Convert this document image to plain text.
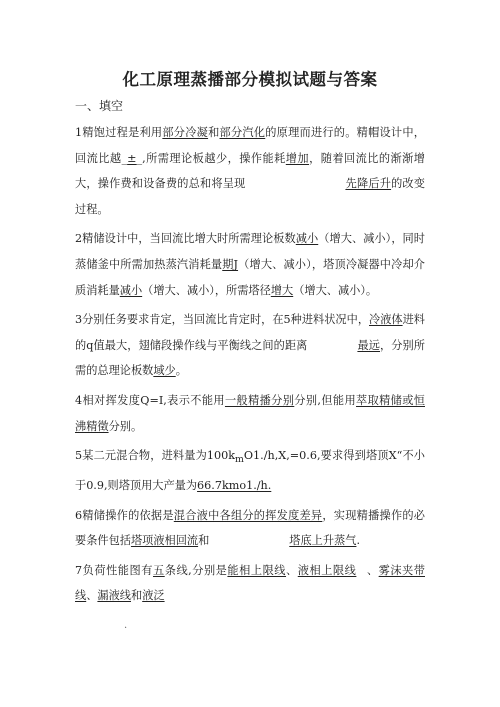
化工原理蒸播部分模拟试题与答案
一、填空

1精饱过程是利用部分冷凝和部分汽化的原理而进行的。精帽设计中，回流比越_±_,所需理论板越少，操作能耗增加，随着回流比的渐渐增大，操作费和设备费的总和将呈现	先降后升的改变过程。

2精储设计中，当回流比增大时所需理论板数减小（增大、减小），同时蒸储釜中所需加热蒸汽消耗量期J（增大、减小），塔顶冷凝器中冷却介质消耗量减小（增大、减小），所需塔径增大（增大、减小）。

3分别任务要求肯定，当回流比肯定时，在5种进料状况中，冷液体进料的q值最大，翅储段操作线与平衡线之间的距离	最远，分别所需的总理论板数域少。

4相对挥发度Q=I,表示不能用一般精播分别分别,但能用萃取精储或恒沸精徵分别。

5某二元混合物，进料量为$100k_mO1.∕h,X,=0.6$,要求得到塔顶X“不小于0.9,则塔顶用大产量为66.7kmo1./h.

6精储操作的依据是混合液中各组分的挥发度差异，实现精播操作的必要条件包括塔项液相回流和	塔底上升蒸气.

7负荷性能图有五条线,分别是能相上限线、液相上限线 、雾沫夹带线、漏液线和液泛

.
